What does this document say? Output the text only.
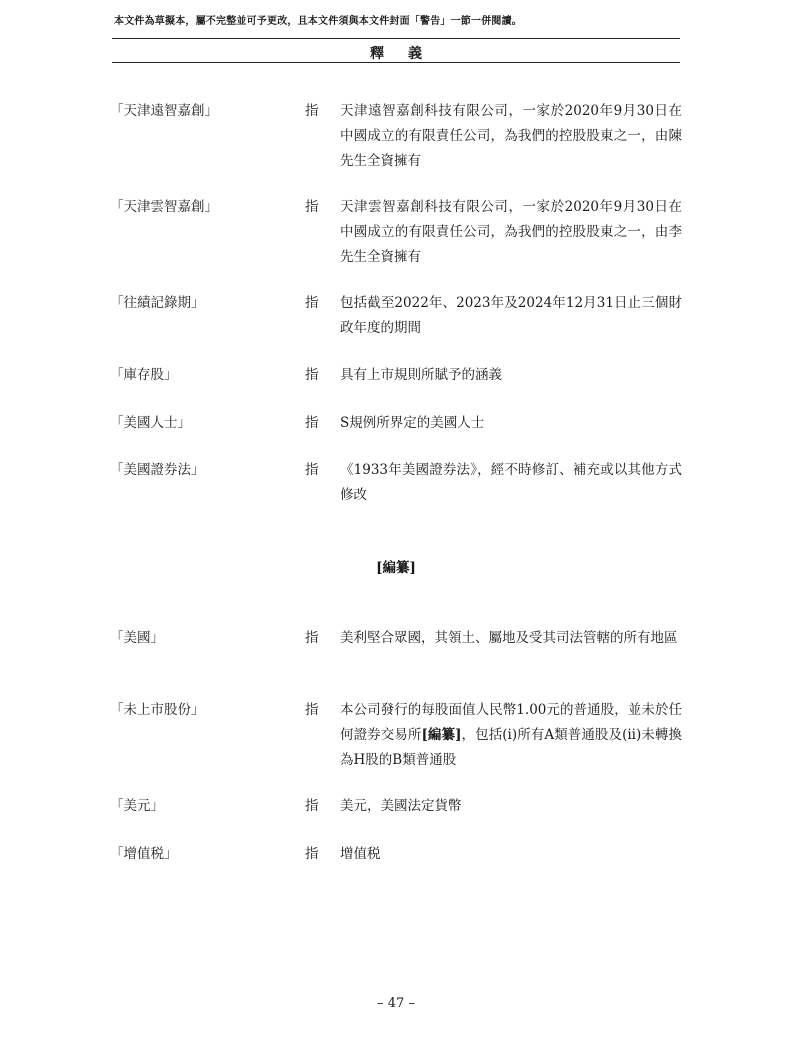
本文件為草擬本，屬不完整並可予更改，且本文件須與本文件封面「警告」一節一併閱讀。
釋義
「天津遠智嘉創」	指 天津遠智嘉創科技有限公司，一家於2020年9月30日在中國成立的有限責任公司，為我們的控股股東之一，由陳先生全資擁有
「天津雲智嘉創」	指 天津雲智嘉創科技有限公司，一家於2020年9月30日在中國成立的有限責任公司，為我們的控股股東之一，由李先生全資擁有
「往績記錄期」	指 包括截至2022年、2023年及2024年12月31日止三個財政年度的期間
「庫存股」	指 具有上市規則所賦予的涵義
「美國人士」	指 S規例所界定的美國人士
「美國證券法」	指 《1933年美國證券法》，經不時修訂、補充或以其他方式修改
[編纂]
「美國」	指 美利堅合眾國，其領土、屬地及受其司法管轄的所有地區
「未上市股份」	指 本公司發行的每股面值人民幣1.00元的普通股，並未於任何證券交易所[編纂]，包括(i)所有A類普通股及(ii)未轉換為H股的B類普通股
「美元」	指 美元，美國法定貨幣
「增值税」	指 增值税
– 47 –
